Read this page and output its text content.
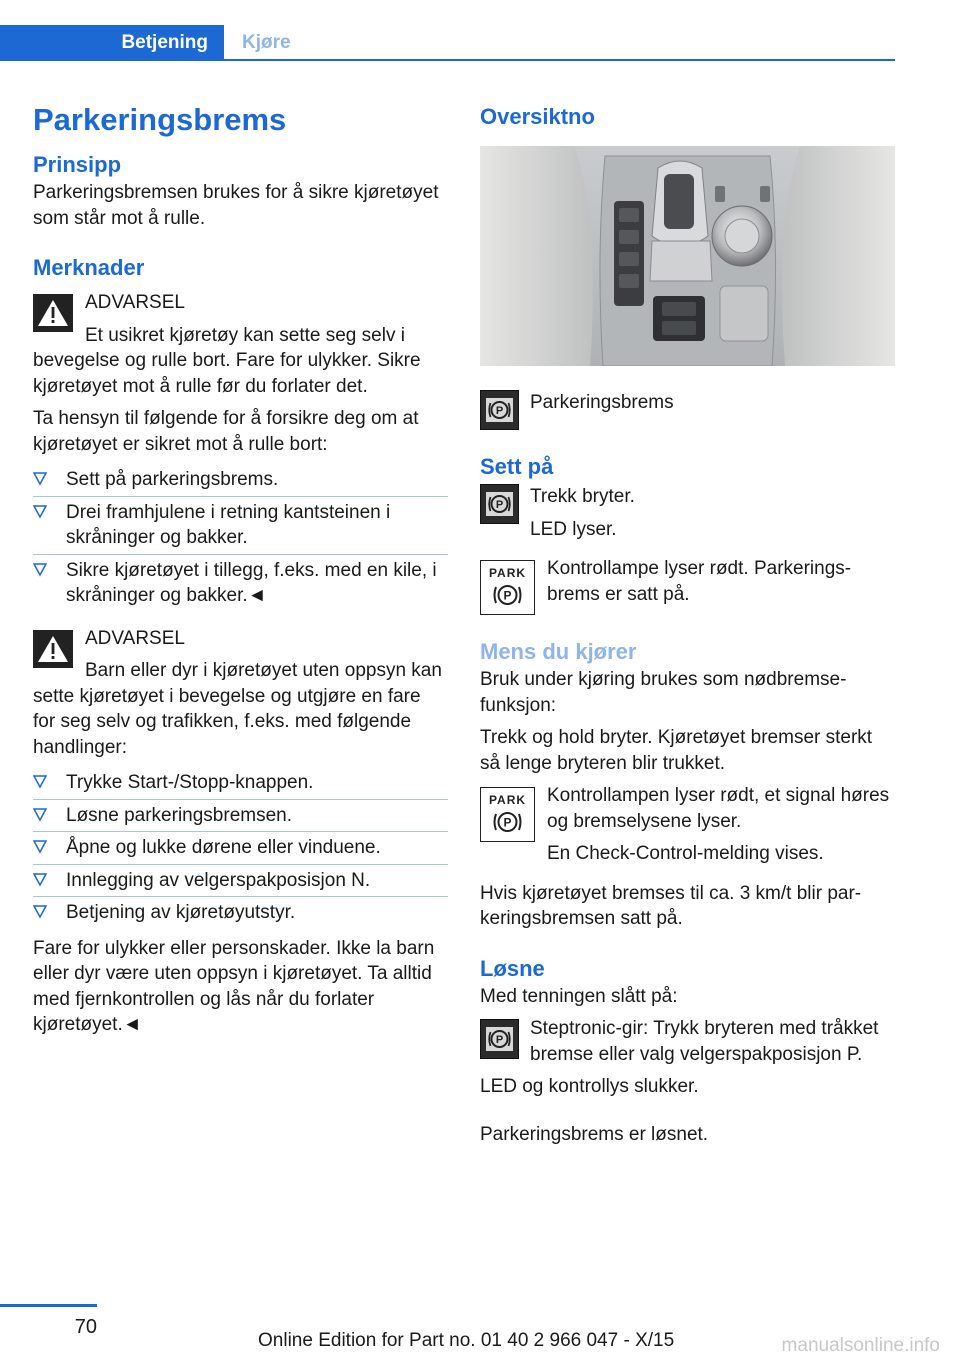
Betjening	Kjøre
Parkeringsbrems
Prinsipp

Parkeringsbremsen brukes for å sikre kjøretøyet som står mot å rulle.

Merknader

ADVARSEL

Et usikret kjøretøy kan sette seg selv i bevegelse og rulle bort. Fare for ulykker. Sikre kjøretøyet mot å rulle før du forlater det.

Ta hensyn til følgende for å forsikre deg om at kjøretøyet er sikret mot å rulle bort:

Sett på parkeringsbrems.
Drei framhjulene i retning kantsteinen i skråninger og bakker.
Sikre kjøretøyet i tillegg, f.eks. med en kile, i skråninger og bakker.◄

ADVARSEL

Barn eller dyr i kjøretøyet uten oppsyn kan sette kjøretøyet i bevegelse og utgjøre en fare for seg selv og trafikken, f.eks. med følgende handlinger:

Trykke Start-/Stopp-knappen.
Løsne parkeringsbremsen.
Åpne og lukke dørene eller vinduene.
Innlegging av velgerspakposisjon N.
Betjening av kjøretøyutstyr.

Fare for ulykker eller personskader. Ikke la barn eller dyr være uten oppsyn i kjøretøyet. Ta alltid med fjernkontrollen og lås når du forlater kjøretøyet.◄

Oversiktno
P Parkeringsbrems

Sett på
P Trekk bryter.

LED lyser.

PARK
P

Kontrollampe lyser rødt. Parkeringsbrems er satt på.

Mens du kjører

Bruk under kjøring brukes som nødbremsefunksjon:

Trekk og hold bryter. Kjøretøyet bremser sterkt så lenge bryteren blir trukket.

PARK
P

Kontrollampen lyser rødt, et signal høres og bremselysene lyser.

En Check-Control-melding vises.

Hvis kjøretøyet bremses til ca. 3 km/t blir parkeringsbremsen satt på.

Løsne

Med tenningen slått på:

P

Steptronic-gir: Trykk bryteren med tråkket bremse eller valg velgerspakposisjon P.

LED og kontrollys slukker.

Parkeringsbrems er løsnet.

70
Online Edition for Part no. 01 40 2 966 047 - X/15	manualsonline.info
